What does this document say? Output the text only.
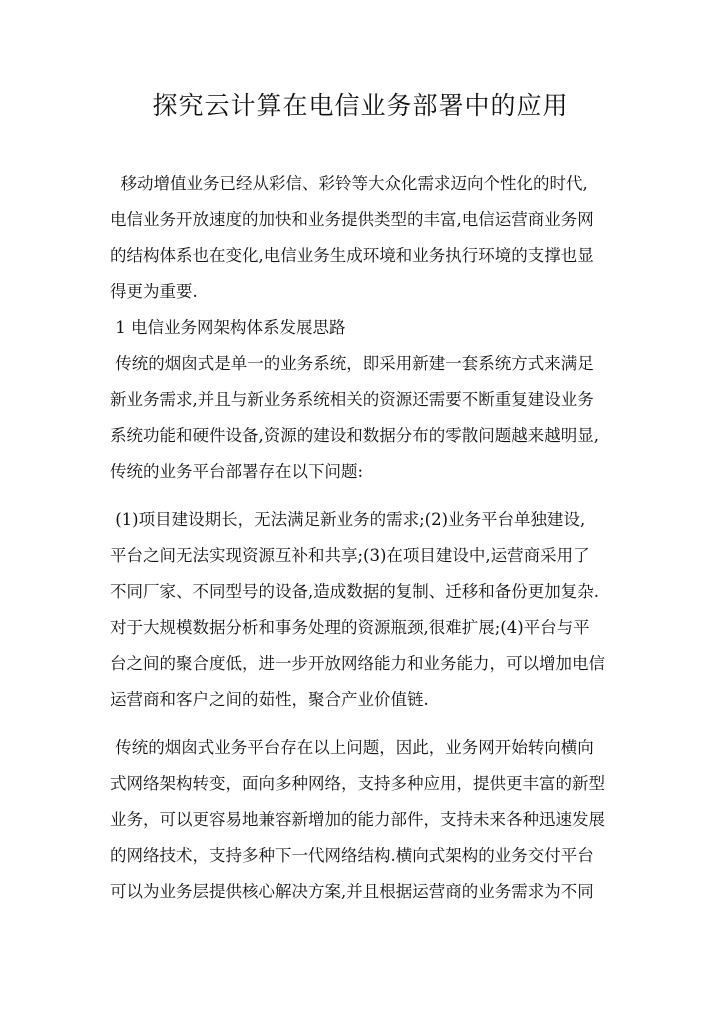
探究云计算在电信业务部署中的应用

移动增值业务已经从彩信、彩铃等大众化需求迈向个性化的时代,

电信业务开放速度的加快和业务提供类型的丰富,电信运营商业务网

的结构体系也在变化,电信业务生成环境和业务执行环境的支撑也显

得更为重要.

1 电信业务网架构体系发展思路

传统的烟囱式是单一的业务系统，即采用新建一套系统方式来满足

新业务需求,并且与新业务系统相关的资源还需要不断重复建设业务

系统功能和硬件设备,资源的建设和数据分布的零散问题越来越明显,

传统的业务平台部署存在以下问题:

(1)项目建设期长，无法满足新业务的需求;(2)业务平台单独建设,

平台之间无法实现资源互补和共享;(3)在项目建设中,运营商采用了

不同厂家、不同型号的设备,造成数据的复制、迁移和备份更加复杂.

对于大规模数据分析和事务处理的资源瓶颈,很难扩展;(4)平台与平

台之间的聚合度低，进一步开放网络能力和业务能力，可以增加电信

运营商和客户之间的茹性，聚合产业价值链.

传统的烟囱式业务平台存在以上问题，因此，业务网开始转向横向

式网络架构转变，面向多种网络，支持多种应用，提供更丰富的新型

业务，可以更容易地兼容新增加的能力部件，支持未来各种迅速发展

的网络技术，支持多种下一代网络结构.横向式架构的业务交付平台

可以为业务层提供核心解决方案,并且根据运营商的业务需求为不同
